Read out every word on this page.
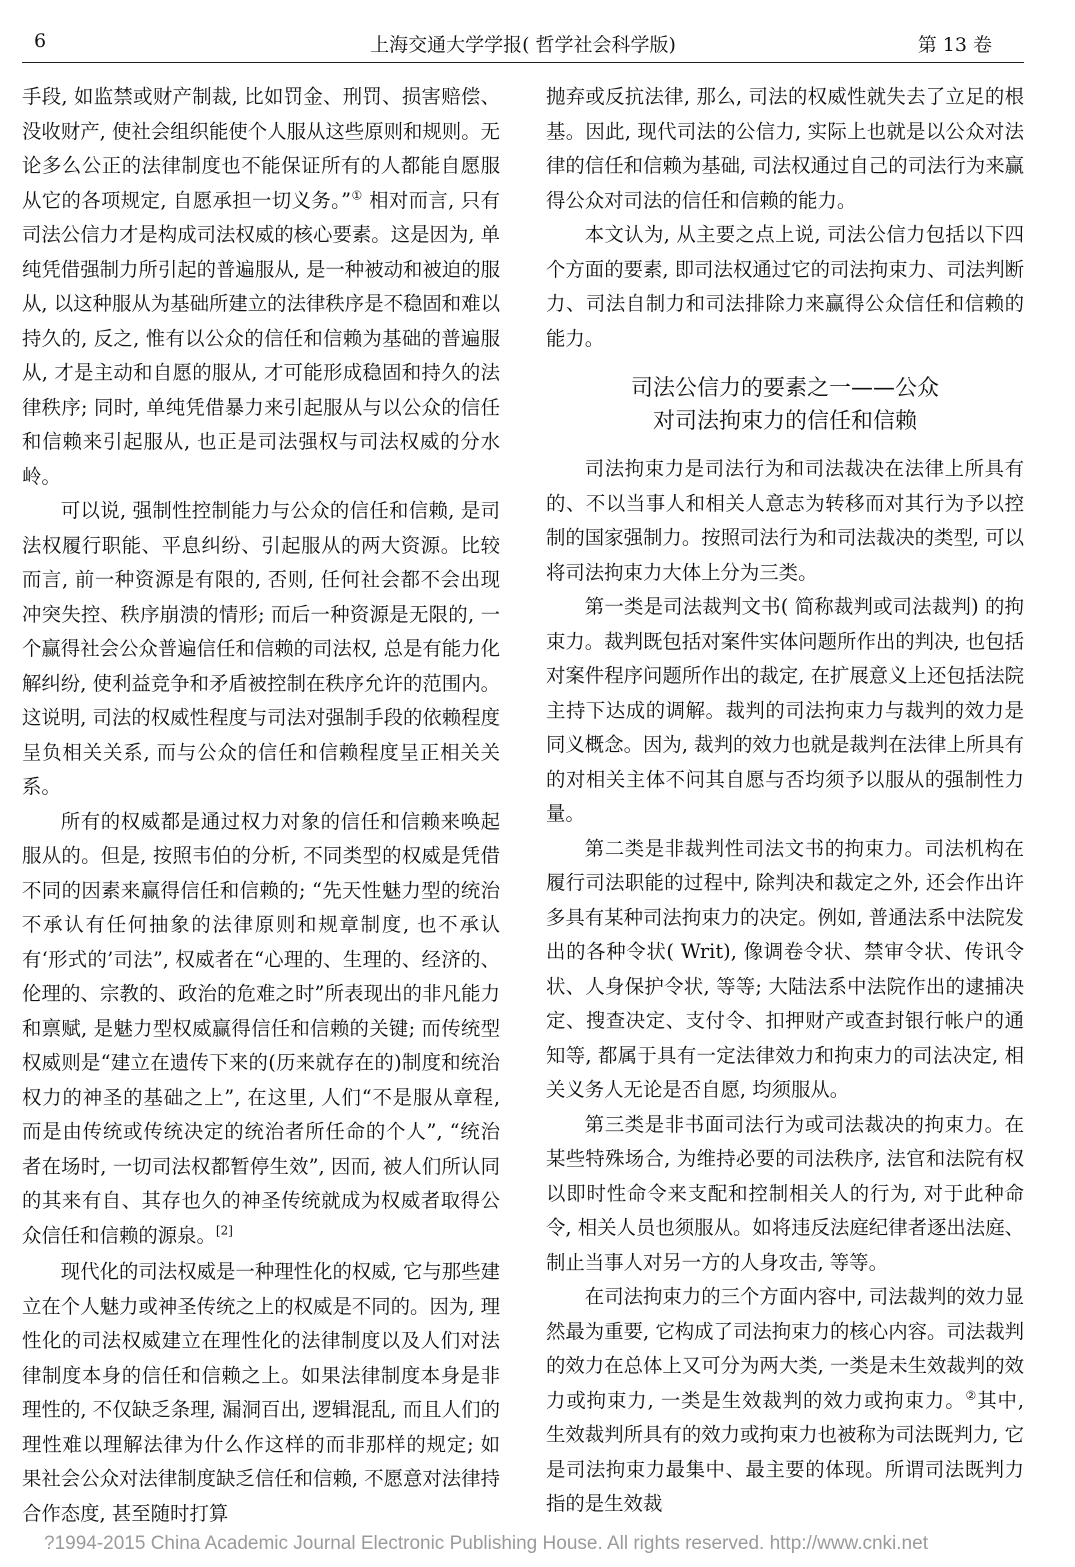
6	上海交通大学学报( 哲学社会科学版)	第 13 卷

手段, 如监禁或财产制裁, 比如罚金、刑罚、损害赔偿、没收财产, 使社会组织能使个人服从这些原则和规则。无论多么公正的法律制度也不能保证所有的人都能自愿服从它的各项规定, 自愿承担一切义务。”① 相对而言, 只有司法公信力才是构成司法权威的核心要素。这是因为, 单纯凭借强制力所引起的普遍服从, 是一种被动和被迫的服从, 以这种服从为基础所建立的法律秩序是不稳固和难以持久的, 反之, 惟有以公众的信任和信赖为基础的普遍服从, 才是主动和自愿的服从, 才可能形成稳固和持久的法律秩序; 同时, 单纯凭借暴力来引起服从与以公众的信任和信赖来引起服从, 也正是司法强权与司法权威的分水岭。

可以说, 强制性控制能力与公众的信任和信赖, 是司法权履行职能、平息纠纷、引起服从的两大资源。比较而言, 前一种资源是有限的, 否则, 任何社会都不会出现冲突失控、秩序崩溃的情形; 而后一种资源是无限的, 一个赢得社会公众普遍信任和信赖的司法权, 总是有能力化解纠纷, 使利益竞争和矛盾被控制在秩序允许的范围内。这说明, 司法的权威性程度与司法对强制手段的依赖程度呈负相关关系, 而与公众的信任和信赖程度呈正相关关系。

所有的权威都是通过权力对象的信任和信赖来唤起服从的。但是, 按照韦伯的分析, 不同类型的权威是凭借不同的因素来赢得信任和信赖的; “先天性魅力型的统治不承认有任何抽象的法律原则和规章制度, 也不承认有‘形式的’司法”, 权威者在“心理的、生理的、经济的、伦理的、宗教的、政治的危难之时”所表现出的非凡能力和禀赋, 是魅力型权威赢得信任和信赖的关键; 而传统型权威则是“建立在遗传下来的(历来就存在的)制度和统治权力的神圣的基础之上”, 在这里, 人们“不是服从章程, 而是由传统或传统决定的统治者所任命的个人”, “统治者在场时, 一切司法权都暂停生效”, 因而, 被人们所认同的其来有自、其存也久的神圣传统就成为权威者取得公众信任和信赖的源泉。[2]

现代化的司法权威是一种理性化的权威, 它与那些建立在个人魅力或神圣传统之上的权威是不同的。因为, 理性化的司法权威建立在理性化的法律制度以及人们对法律制度本身的信任和信赖之上。如果法律制度本身是非理性的, 不仅缺乏条理, 漏洞百出, 逻辑混乱, 而且人们的理性难以理解法律为什么作这样的而非那样的规定; 如果社会公众对法律制度缺乏信任和信赖, 不愿意对法律持合作态度, 甚至随时打算

抛弃或反抗法律, 那么, 司法的权威性就失去了立足的根基。因此, 现代司法的公信力, 实际上也就是以公众对法律的信任和信赖为基础, 司法权通过自己的司法行为来赢得公众对司法的信任和信赖的能力。

本文认为, 从主要之点上说, 司法公信力包括以下四个方面的要素, 即司法权通过它的司法拘束力、司法判断力、司法自制力和司法排除力来赢得公众信任和信赖的能力。

司法公信力的要素之一——公众
对司法拘束力的信任和信赖

司法拘束力是司法行为和司法裁决在法律上所具有的、不以当事人和相关人意志为转移而对其行为予以控制的国家强制力。按照司法行为和司法裁决的类型, 可以将司法拘束力大体上分为三类。

第一类是司法裁判文书( 简称裁判或司法裁判) 的拘束力。裁判既包括对案件实体问题所作出的判决, 也包括对案件程序问题所作出的裁定, 在扩展意义上还包括法院主持下达成的调解。裁判的司法拘束力与裁判的效力是同义概念。因为, 裁判的效力也就是裁判在法律上所具有的对相关主体不问其自愿与否均须予以服从的强制性力量。

第二类是非裁判性司法文书的拘束力。司法机构在履行司法职能的过程中, 除判决和裁定之外, 还会作出许多具有某种司法拘束力的决定。例如, 普通法系中法院发出的各种令状( Writ), 像调卷令状、禁审令状、传讯令状、人身保护令状, 等等; 大陆法系中法院作出的逮捕决定、搜查决定、支付令、扣押财产或查封银行帐户的通知等, 都属于具有一定法律效力和拘束力的司法决定, 相关义务人无论是否自愿, 均须服从。

第三类是非书面司法行为或司法裁决的拘束力。在某些特殊场合, 为维持必要的司法秩序, 法官和法院有权以即时性命令来支配和控制相关人的行为, 对于此种命令, 相关人员也须服从。如将违反法庭纪律者逐出法庭、制止当事人对另一方的人身攻击, 等等。

在司法拘束力的三个方面内容中, 司法裁判的效力显然最为重要, 它构成了司法拘束力的核心内容。司法裁判的效力在总体上又可分为两大类, 一类是未生效裁判的效力或拘束力, 一类是生效裁判的效力或拘束力。②其中, 生效裁判所具有的效力或拘束力也被称为司法既判力, 它是司法拘束力最集中、最主要的体现。所谓司法既判力指的是生效裁

?1994-2015 China Academic Journal Electronic Publishing House. All rights reserved. http://www.cnki.net
